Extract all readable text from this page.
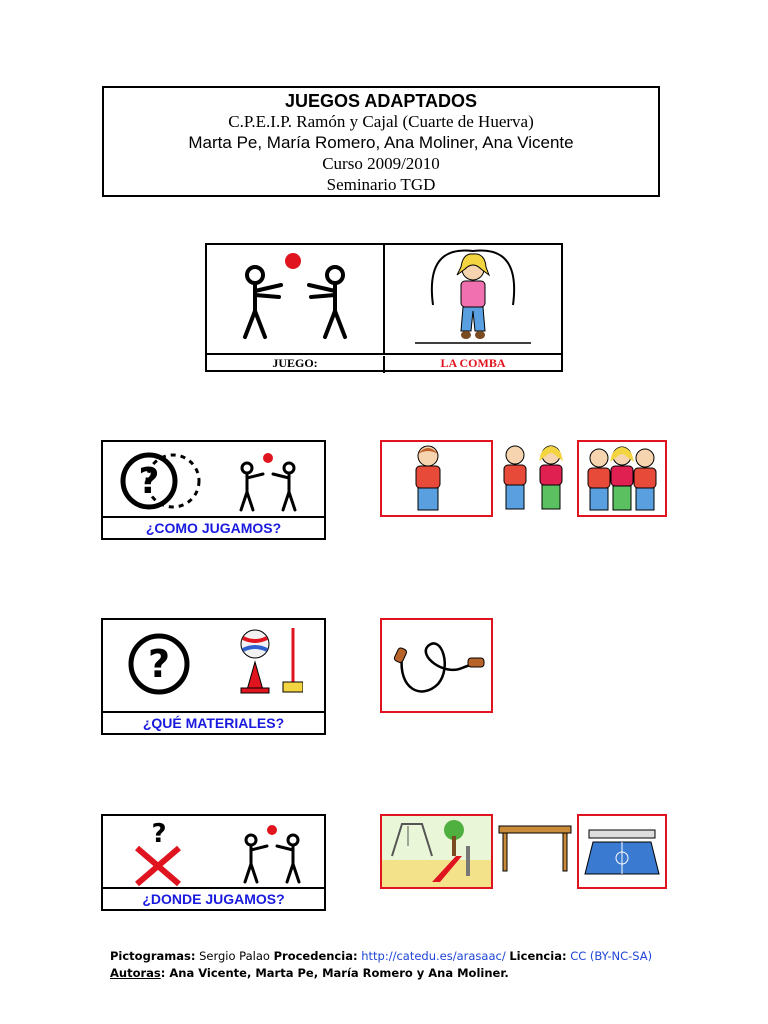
JUEGOS ADAPTADOS
C.P.E.I.P. Ramón y Cajal (Cuarte de Huerva)
Marta Pe, María Romero, Ana Moliner, Ana Vicente
Curso 2009/2010
Seminario TGD
JUEGO:	LA COMBA
?
¿COMO JUGAMOS?
?
¿QUÉ MATERIALES?
?
¿DONDE JUGAMOS?
Pictogramas: Sergio Palao Procedencia: http://catedu.es/arasaac/ Licencia: CC (BY-NC-SA)
Autoras: Ana Vicente, Marta Pe, María Romero y Ana Moliner.
